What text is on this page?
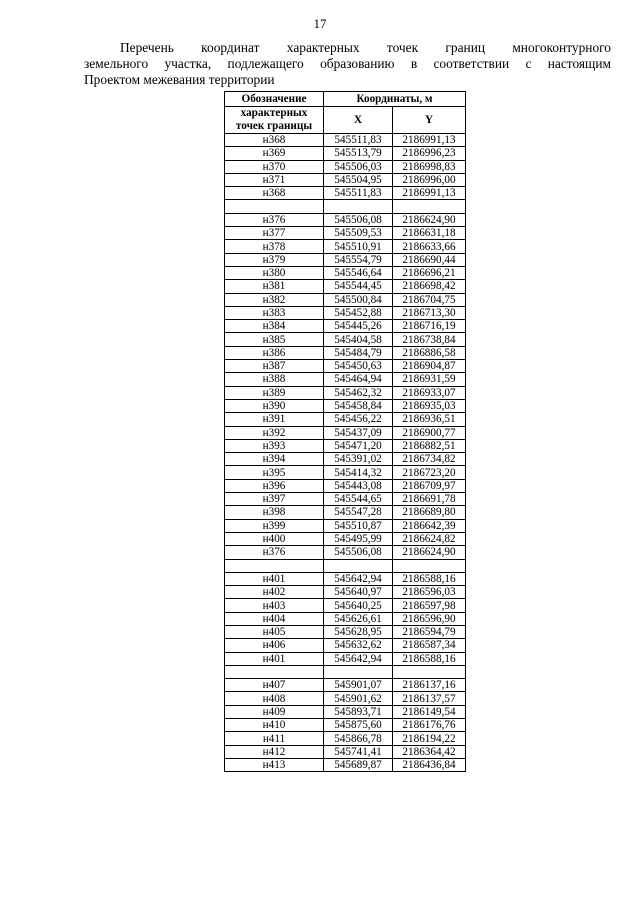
17

Перечень координат характерных точек границ многоконтурного
земельного участка, подлежащего образованию в соответствии с настоящим
Проектом межевания территории

Обозначение	Координаты, м	
характерных точек границы	X	Y
н368	545511,83	2186991,13
н369	545513,79	2186996,23
н370	545506,03	2186998,83
н371	545504,95	2186996,00
н368	545511,83	2186991,13

н376	545506,08	2186624,90
н377	545509,53	2186631,18
н378	545510,91	2186633,66
н379	545554,79	2186690,44
н380	545546,64	2186696,21
н381	545544,45	2186698,42
н382	545500,84	2186704,75
н383	545452,88	2186713,30
н384	545445,26	2186716,19
н385	545404,58	2186738,84
н386	545484,79	2186886,58
н387	545450,63	2186904,87
н388	545464,94	2186931,59
н389	545462,32	2186933,07
н390	545458,84	2186935,03
н391	545456,22	2186936,51
н392	545437,09	2186900,77
н393	545471,20	2186882,51
н394	545391,02	2186734,82
н395	545414,32	2186723,20
н396	545443,08	2186709,97
н397	545544,65	2186691,78
н398	545547,28	2186689,80
н399	545510,87	2186642,39
н400	545495,99	2186624,82
н376	545506,08	2186624,90

н401	545642,94	2186588,16
н402	545640,97	2186596,03
н403	545640,25	2186597,98
н404	545626,61	2186596,90
н405	545628,95	2186594,79
н406	545632,62	2186587,34
н401	545642,94	2186588,16

н407	545901,07	2186137,16
н408	545901,62	2186137,57
н409	545893,71	2186149,54
н410	545875,60	2186176,76
н411	545866,78	2186194,22
н412	545741,41	2186364,42
н413	545689,87	2186436,84
